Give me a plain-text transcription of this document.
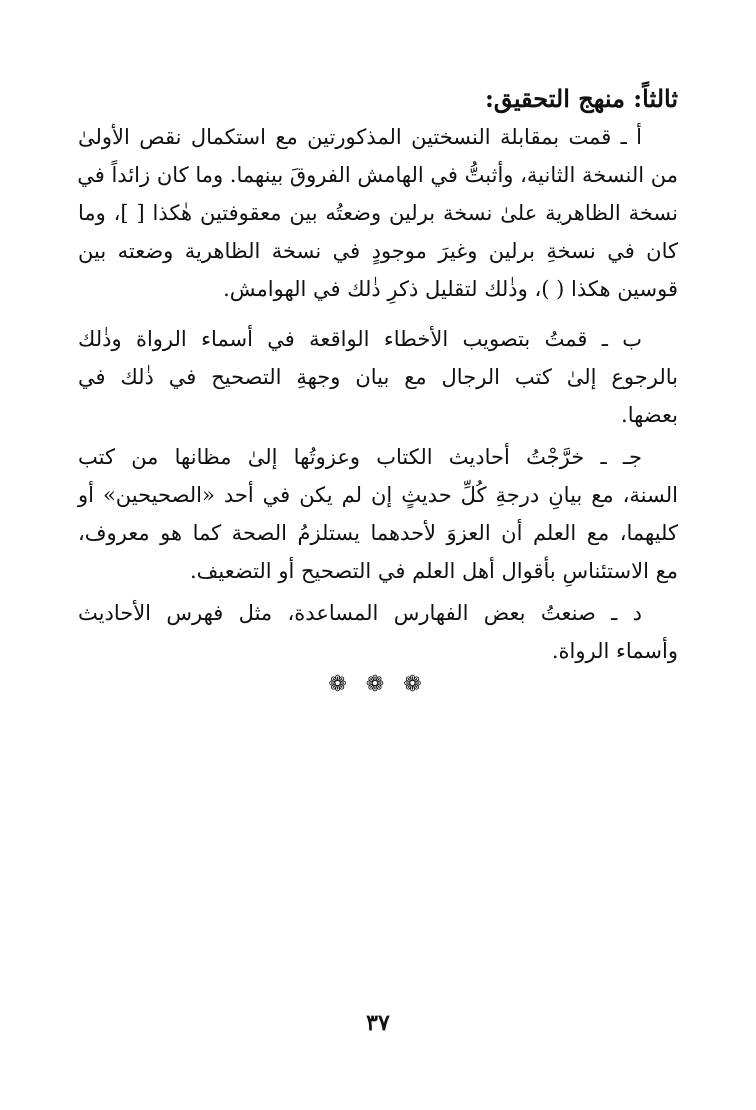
ثالثاً: منهج التحقيق:
أ ـ قمت بمقابلة النسختين المذكورتين مع استكمال نقص الأولىٰ
من النسخة الثانية، وأثبتُّ في الهامش الفروقَ بينهما. وما كان زائداً في
نسخة الظاهرية علىٰ نسخة برلين وضعتُه بين معقوفتين هٰكذا [ ]، وما
كان في نسخةِ برلين وغيرَ موجودٍ في نسخة الظاهرية وضعته بين
قوسين هكذا ( )، وذٰلك لتقليل ذكرِ ذٰلك في الهوامش.
ب ـ قمتُ بتصويب الأخطاء الواقعة في أسماء الرواة وذٰلك
بالرجوع إلىٰ كتب الرجال مع بيان وجهةِ التصحيح في ذٰلك في
بعضها.
جـ ـ خرَّجْتُ أحاديث الكتاب وعزوتُها إلىٰ مظانها من كتب
السنة، مع بيانِ درجةِ كُلِّ حديثٍ إن لم يكن في أحد «الصحيحين» أو
كليهما، مع العلم أن العزوَ لأحدهما يستلزمُ الصحة كما هو معروف،
مع الاستئناسِ بأقوال أهل العلم في التصحيح أو التضعيف.
د ـ صنعتُ بعض الفهارس المساعدة، مثل فهرس الأحاديث
وأسماء الرواة.
❁ ❁ ❁
٣٧
